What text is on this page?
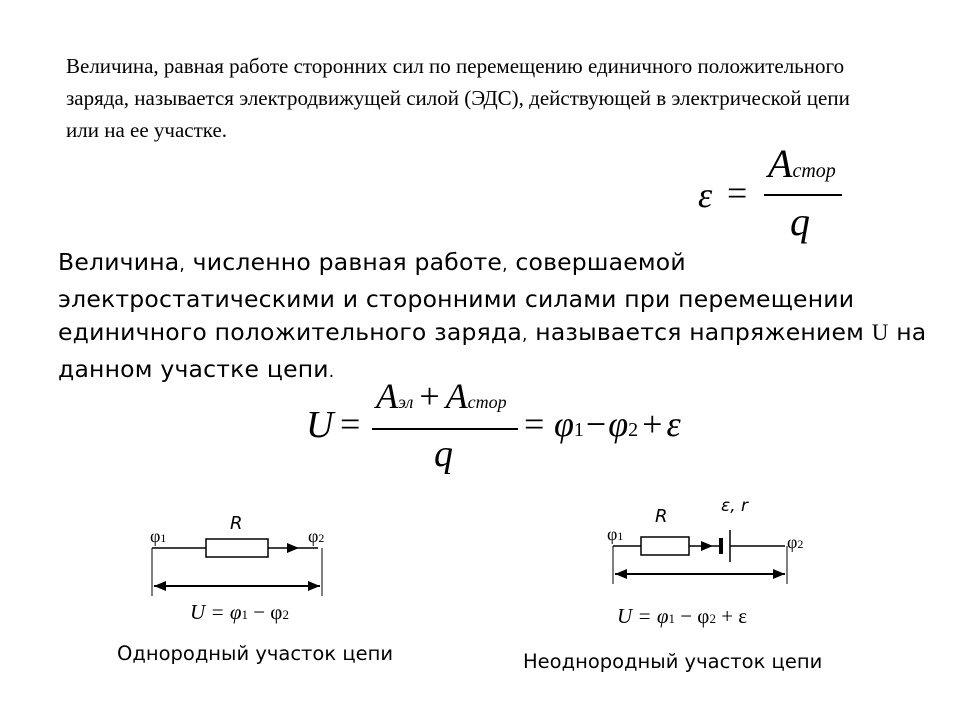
Величина, равная работе сторонних сил по перемещению единичного положительного заряда, называется электродвижущей силой (ЭДС), действующей в электрической цепи или на ее участке.
ε =
Aстор
q
Величина, численно равная работе, совершаемой электростатическими и сторонними силами при перемещении единичного положительного заряда, называется напряжением U на данном участке цепи.
U =
Aэл + Aстор
q
= φ1−φ2 + ε
φ1
R
φ2
U = φ1 − φ2
Однородный участок цепи
φ1
R	ε, r
φ2
U = φ1 − φ2 + ε
Неоднородный участок цепи
